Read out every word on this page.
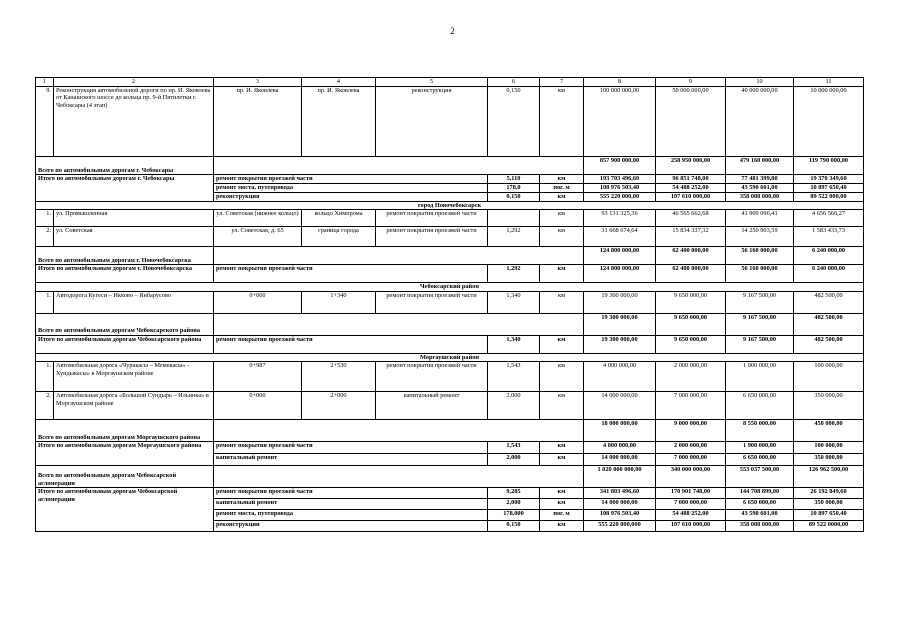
2
1	2	3	4	5	6	7	8	9	10	11
9.	Реконструкция автомобильной дороги по пр. И. Яковлева от Канашского шоссе до кольца пр. 9-й Пятилетки г. Чебоксары (4 этап)	пр. И. Яковлева	пр. И. Яковлева	реконструкция	0,150	км	100 000 000,00	50 000 000,00	40 000 000,00	10 000 000,00
Всего по автомобильным дорогам г. Чебоксары							857 900 000,00	258 950 000,00	479 160 000,00	119 790 000,00
Итого по автомобильным дорогам г. Чебоксары		ремонт покрытия проезжей части			5,110	км	193 703 496,60	96 851 748,00	77 481 399,80	19 370 349,60
		ремонт моста, путепровода			178,0	пог. м	108 976 503,40	54 488 252,00	43 590 601,00	10 897 650,40
		реконструкция			0,150	км	555 220 000,00	107 610 000,00	358 088 000,00	89 522 000,00
город Новочебоксарск										
1.	ул. Промышленная	ул. Советская (нижнее кольцо)	кольцо Химпрома	ремонт покрытия проезжей части		км	93 131 325,36	46 565 662,68	41 909 096,41	4 656 566,27
2.	ул. Советская	ул. Советская, д. 65	граница города	ремонт покрытия проезжей части	1,292	км	31 668 674,64	15 834 337,32	14 250 903,59	1 583 433,73
Всего по автомобильным дорогам г. Новочебоксарска							124 800 000,00	62 400 000,00	56 160 000,00	6 240 000,00
Итого по автомобильным дорогам г. Новочебоксарска		ремонт покрытия проезжей части			1,292	км	124 800 000,00	62 400 000,00	56 160 000,00	6 240 000,00
Чебоксарский район										
1.	Автодорога Кугеси – Икково – Янбарусово	0+000	1+340	ремонт покрытия проезжей части	1,340	км	19 300 000,00	9 650 000,00	9 167 500,00	482 500,00
Всего по автомобильным дорогам Чебоксарского района							19 300 000,00	9 650 000,00	9 167 500,00	482 500,00
Итого по автомобильным дорогам Чебоксарского района		ремонт покрытия проезжей части			1,340	км	19 300 000,00	9 650 000,00	9 167 500,00	482 500,00
Моргаушский район										
1.	Автомобильная дорога «Чуракасы – Мемекасы» - Хундыкасы» в Моргаушском районе	0+987	2+530	ремонт покрытия проезжей части	1,543	км	4 000 000,00	2 000 000,00	1 900 000,00	100 000,00
2.	Автомобильная дорога «Большой Сундырь – Ильинка» в Моргаушском районе	0+000	2+000	капитальный ремонт	2,000	км	14 000 000,00	7 000 000,00	6 650 000,00	350 000,00
Всего по автомобильным дорогам Моргаушского района							18 000 000,00	9 000 000,00	8 550 000,00	450 000,00
Итого по автомобильным дорогам Моргаушского района		ремонт покрытия проезжей части			1,543	км	4 000 000,00	2 000 000,00	1 900 000,00	100 000,00
		капитальный ремонт			2,000	км	14 000 000,00	7 000 000,00	6 650 000,00	350 000,00
Всего по автомобильным дорогам Чебоксарской агломерации							1 020 000 000,00	340 000 000,00	553 037 500,00	126 962 500,00
Итого по автомобильным дорогам Чебоксарской агломерации		ремонт покрытия проезжей части			9,285	км	341 803 496,60	170 901 748,00	144 708 899,00	26 192 849,60
		капитальный ремонт			2,000	км	14 000 000,00	7 000 000,00	6 650 000,00	350 000,00
		ремонт моста, путепровода			178,000	пог. м	108 976 503,40	54 488 252,00	43 590 601,00	10 897 650,40
		реконструкции			0,150	км	555 220 000,000	107 610 000,00	358 088 000,00	89 522 0000,00
